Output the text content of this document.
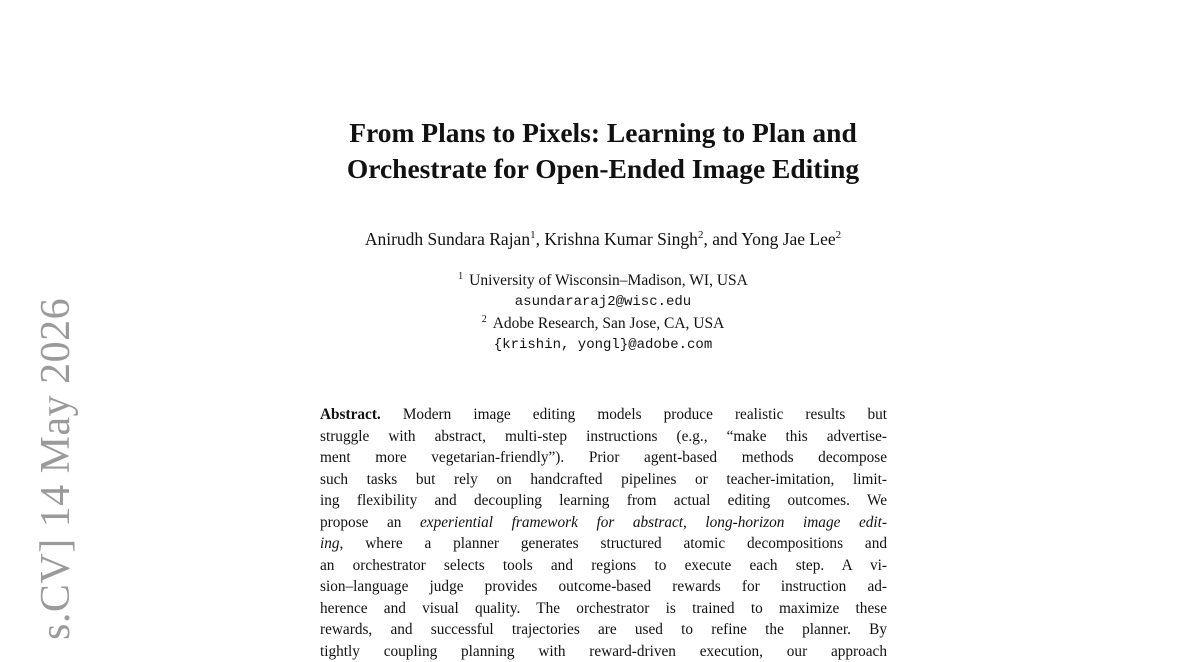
s.CV] 14 May 2026
From Plans to Pixels: Learning to Plan and
Orchestrate for Open-Ended Image Editing
Anirudh Sundara Rajan$^1$, Krishna Kumar Singh$^2$, and Yong Jae Lee$^2$
$^1$ University of Wisconsin–Madison, WI, USA
asundararaj2@wisc.edu
$^2$ Adobe Research, San Jose, CA, USA
{krishin, yongl}@adobe.com
Abstract. Modern image editing models produce realistic results but
struggle with abstract, multi-step instructions (e.g., “make this advertise-
ment more vegetarian-friendly”). Prior agent-based methods decompose
such tasks but rely on handcrafted pipelines or teacher-imitation, limit-
ing flexibility and decoupling learning from actual editing outcomes. We
propose an experiential framework for abstract, long-horizon image edit-
ing, where a planner generates structured atomic decompositions and
an orchestrator selects tools and regions to execute each step. A vi-
sion–language judge provides outcome-based rewards for instruction ad-
herence and visual quality. The orchestrator is trained to maximize these
rewards, and successful trajectories are used to refine the planner. By
tightly coupling planning with reward-driven execution, our approach
